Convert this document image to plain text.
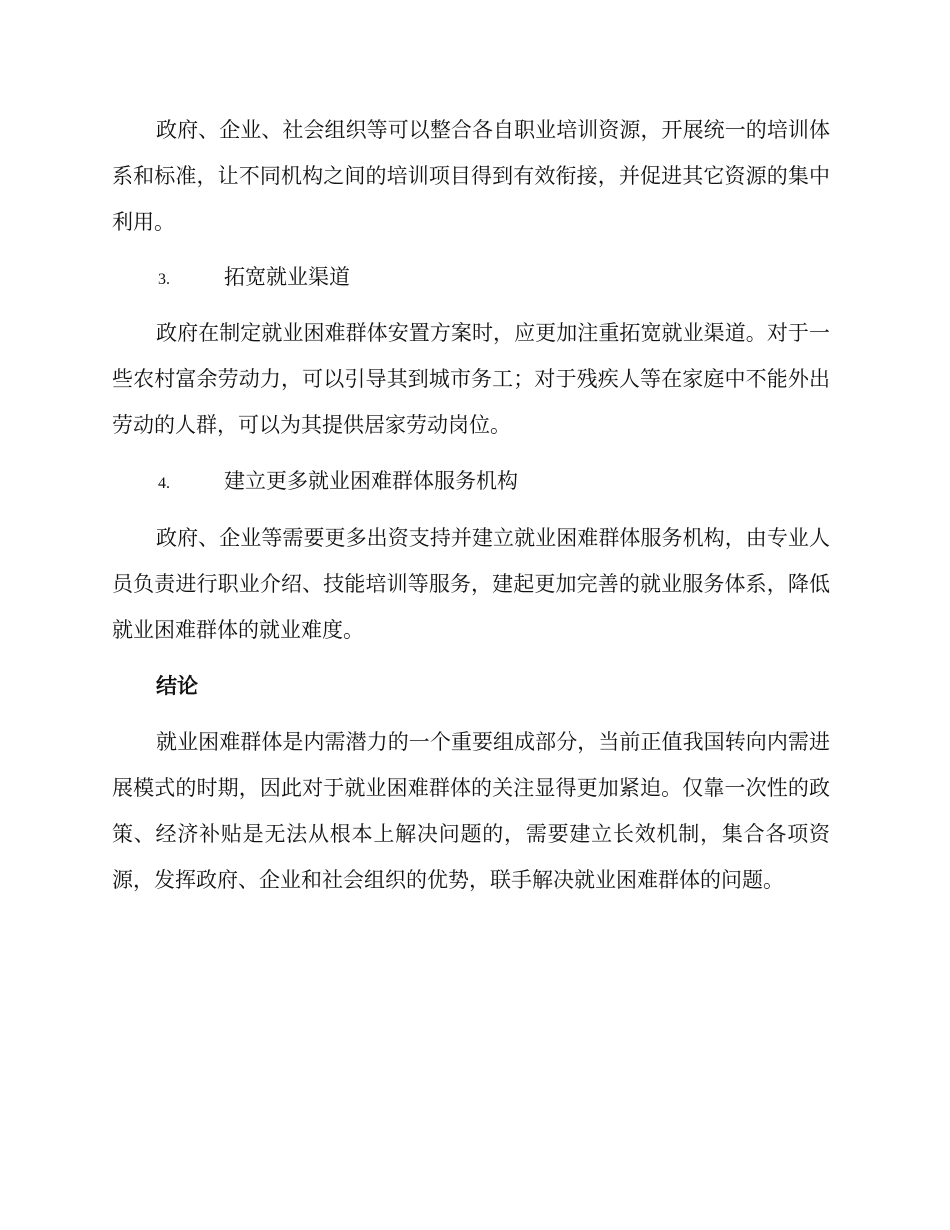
政府、企业、社会组织等可以整合各自职业培训资源，开展统一的培训体系和标准，让不同机构之间的培训项目得到有效衔接，并促进其它资源的集中利用。

3.	拓宽就业渠道

政府在制定就业困难群体安置方案时，应更加注重拓宽就业渠道。对于一些农村富余劳动力，可以引导其到城市务工；对于残疾人等在家庭中不能外出劳动的人群，可以为其提供居家劳动岗位。

4.	建立更多就业困难群体服务机构

政府、企业等需要更多出资支持并建立就业困难群体服务机构，由专业人员负责进行职业介绍、技能培训等服务，建起更加完善的就业服务体系，降低就业困难群体的就业难度。

结论

就业困难群体是内需潜力的一个重要组成部分，当前正值我国转向内需进展模式的时期，因此对于就业困难群体的关注显得更加紧迫。仅靠一次性的政策、经济补贴是无法从根本上解决问题的，需要建立长效机制，集合各项资源，发挥政府、企业和社会组织的优势，联手解决就业困难群体的问题。
